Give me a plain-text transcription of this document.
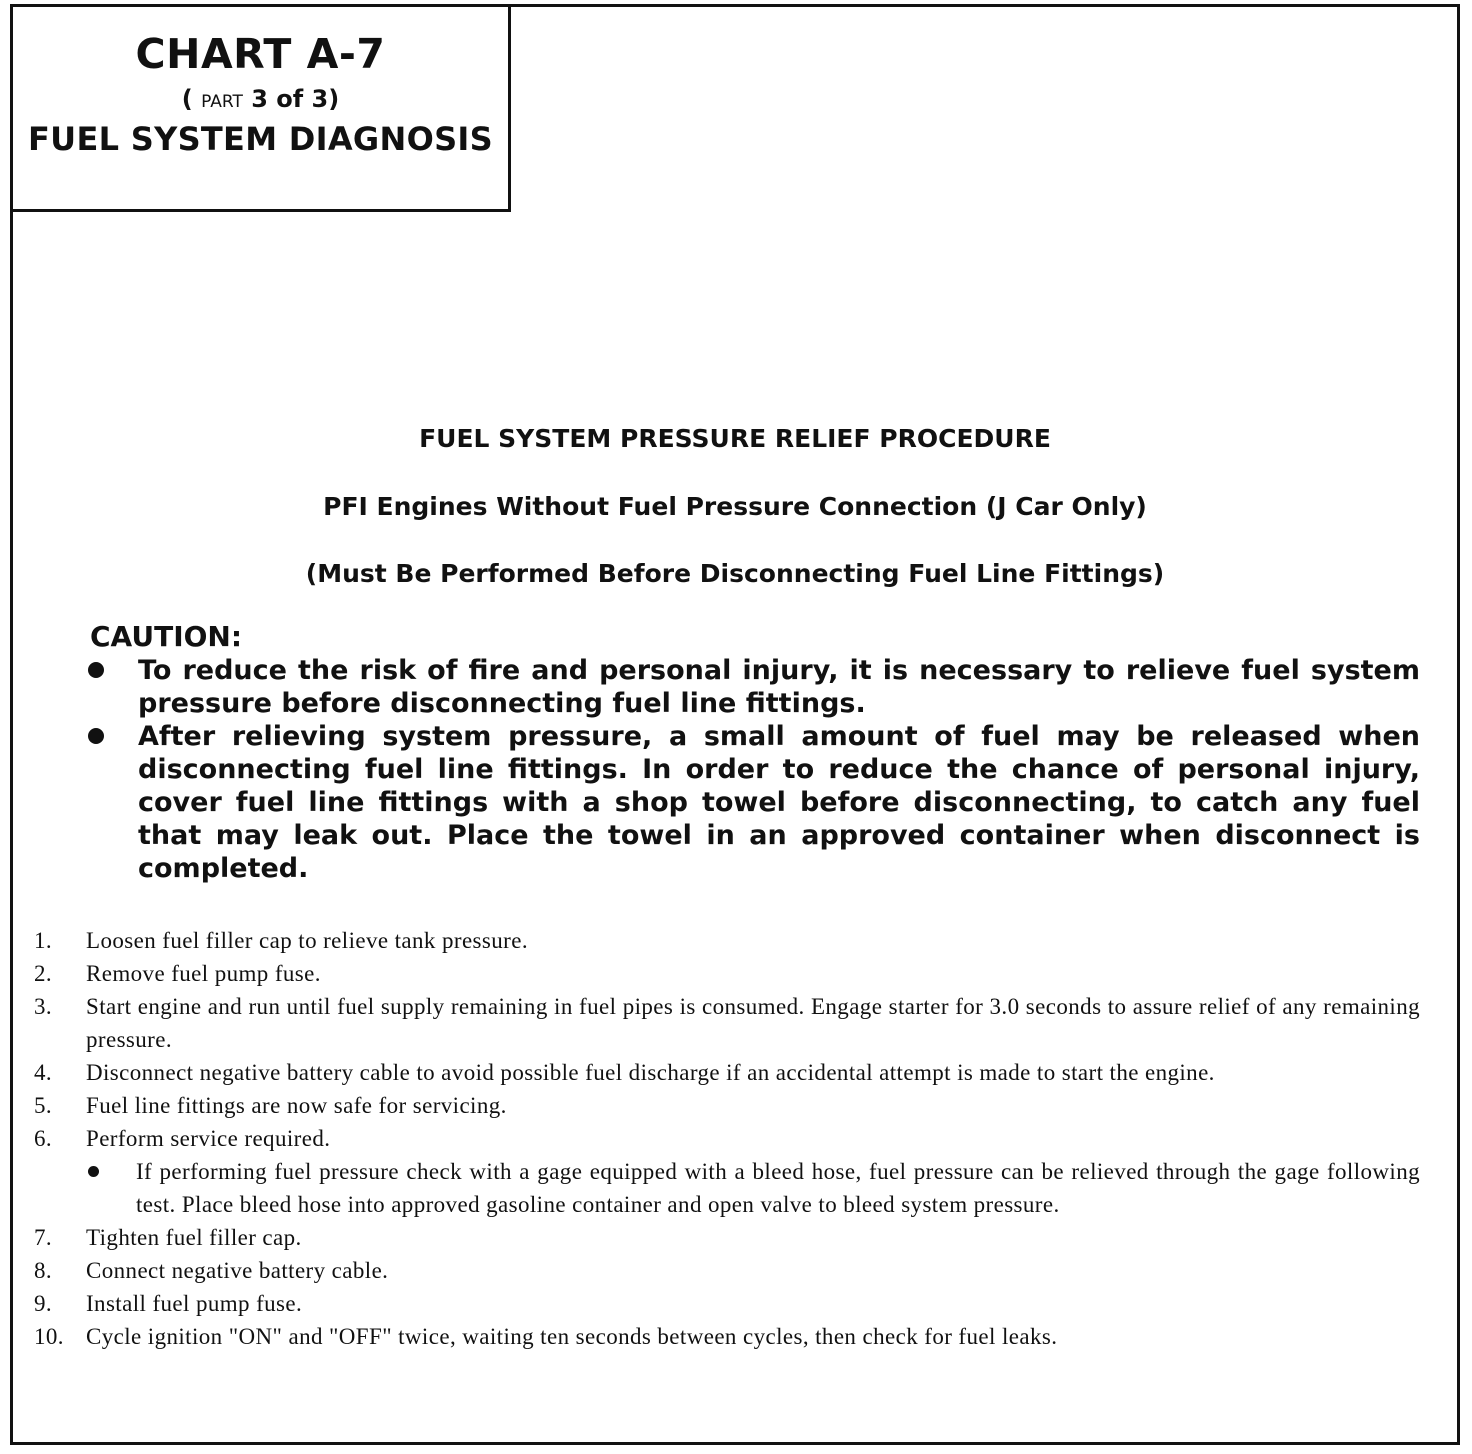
CHART A-7
( PART 3 of 3)
FUEL SYSTEM DIAGNOSIS
FUEL SYSTEM PRESSURE RELIEF PROCEDURE
PFI Engines Without Fuel Pressure Connection (J Car Only)
(Must Be Performed Before Disconnecting Fuel Line Fittings)
CAUTION:
To reduce the risk of fire and personal injury, it is necessary to relieve fuel system pressure before disconnecting fuel line fittings.
After relieving system pressure, a small amount of fuel may be released when disconnecting fuel line fittings. In order to reduce the chance of personal injury, cover fuel line fittings with a shop towel before disconnecting, to catch any fuel that may leak out. Place the towel in an approved container when disconnect is completed.
1. Loosen fuel filler cap to relieve tank pressure.
2. Remove fuel pump fuse.
3. Start engine and run until fuel supply remaining in fuel pipes is consumed. Engage starter for 3.0 seconds to assure relief of any remaining pressure.
4. Disconnect negative battery cable to avoid possible fuel discharge if an accidental attempt is made to start the engine.
5. Fuel line fittings are now safe for servicing.
6. Perform service required.
If performing fuel pressure check with a gage equipped with a bleed hose, fuel pressure can be relieved through the gage following test. Place bleed hose into approved gasoline container and open valve to bleed system pressure.
7. Tighten fuel filler cap.
8. Connect negative battery cable.
9. Install fuel pump fuse.
10. Cycle ignition "ON" and "OFF" twice, waiting ten seconds between cycles, then check for fuel leaks.
